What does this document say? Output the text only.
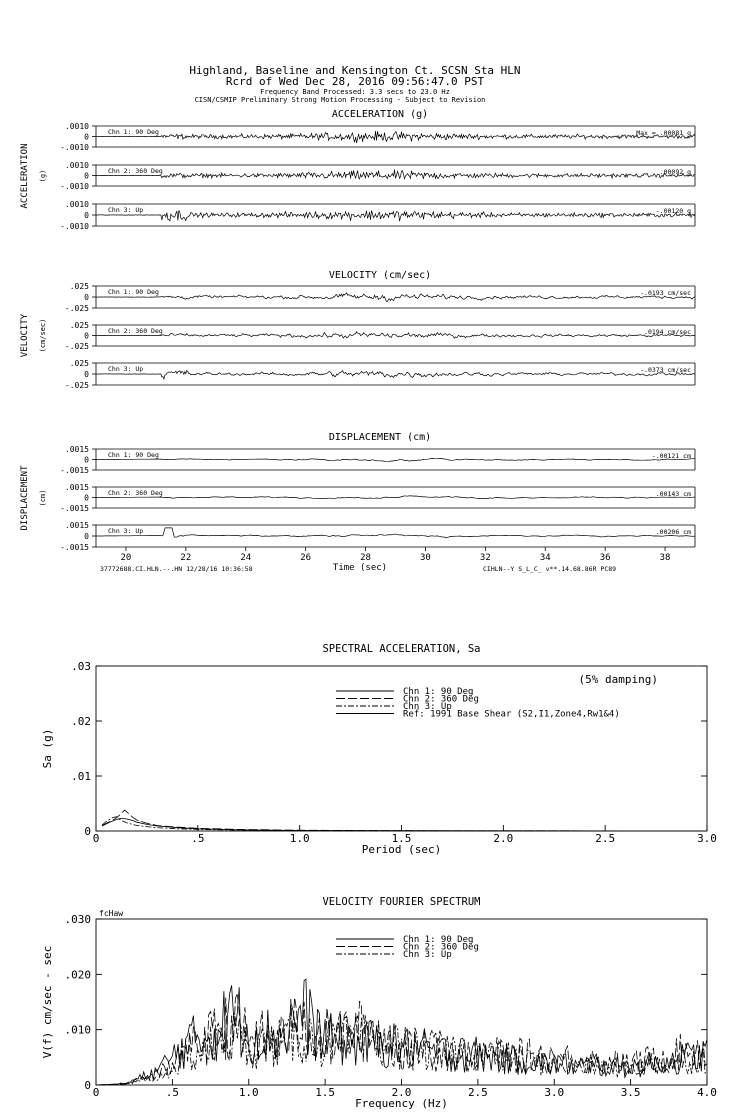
Highland, Baseline and Kensington Ct. SCSN Sta HLN
Rcrd of Wed Dec 28, 2016 09:56:47.0 PST
Frequency Band Processed: 3.3 secs to 23.0 Hz
CISN/CSMIP Preliminary Strong Motion Processing - Subject to Revision
ACCELERATION (g)
ACCELERATION (g)
.0010
0
-.0010
Chn 1: 90 Deg	Max = .00081 g
.0010
0
-.0010
Chn 2: 360 Deg	.00092 g
.0010
0
-.0010
Chn 3: Up	-.00120 g
VELOCITY (cm/sec)
VELOCITY (cm/sec)
.025
0
-.025
Chn 1: 90 Deg	-.0193 cm/sec
.025
0
-.025
Chn 2: 360 Deg	.0194 cm/sec
.025
0
-.025
Chn 3: Up	-.0373 cm/sec
DISPLACEMENT (cm)
DISPLACEMENT (cm)
.0015
0
-.0015
Chn 1: 90 Deg	-.00121 cm
.0015
0
-.0015
Chn 2: 360 Deg	.00143 cm
.0015
0
-.0015
Chn 3: Up	.00206 cm
20	22	24	26	28	30	32	34	36	38
Time (sec)
SPECTRAL ACCELERATION, Sa
0	.5	1.0	1.5	2.0	2.5	3.0
0
.01
.02
.03
Period (sec)
Sa (g)
(5% damping)
Chn 1: 90 Deg
Chn 2: 360 Deg
Chn 3: Up
Ref: 1991 Base Shear (S2,I1,Zone4,Rw1&4)
VELOCITY FOURIER SPECTRUM
0	.5	1.0	1.5	2.0	2.5	3.0	3.5	4.0
0
.010
.020
.030
Frequency (Hz)
V(f) cm/sec - sec
fcHaw
Chn 1: 90 Deg
Chn 2: 360 Deg
Chn 3: Up
37772688.CI.HLN.--.HN 12/28/16 10:36:58	CIHLN--Y S_L_C_ v**.14.68.86R PC89
